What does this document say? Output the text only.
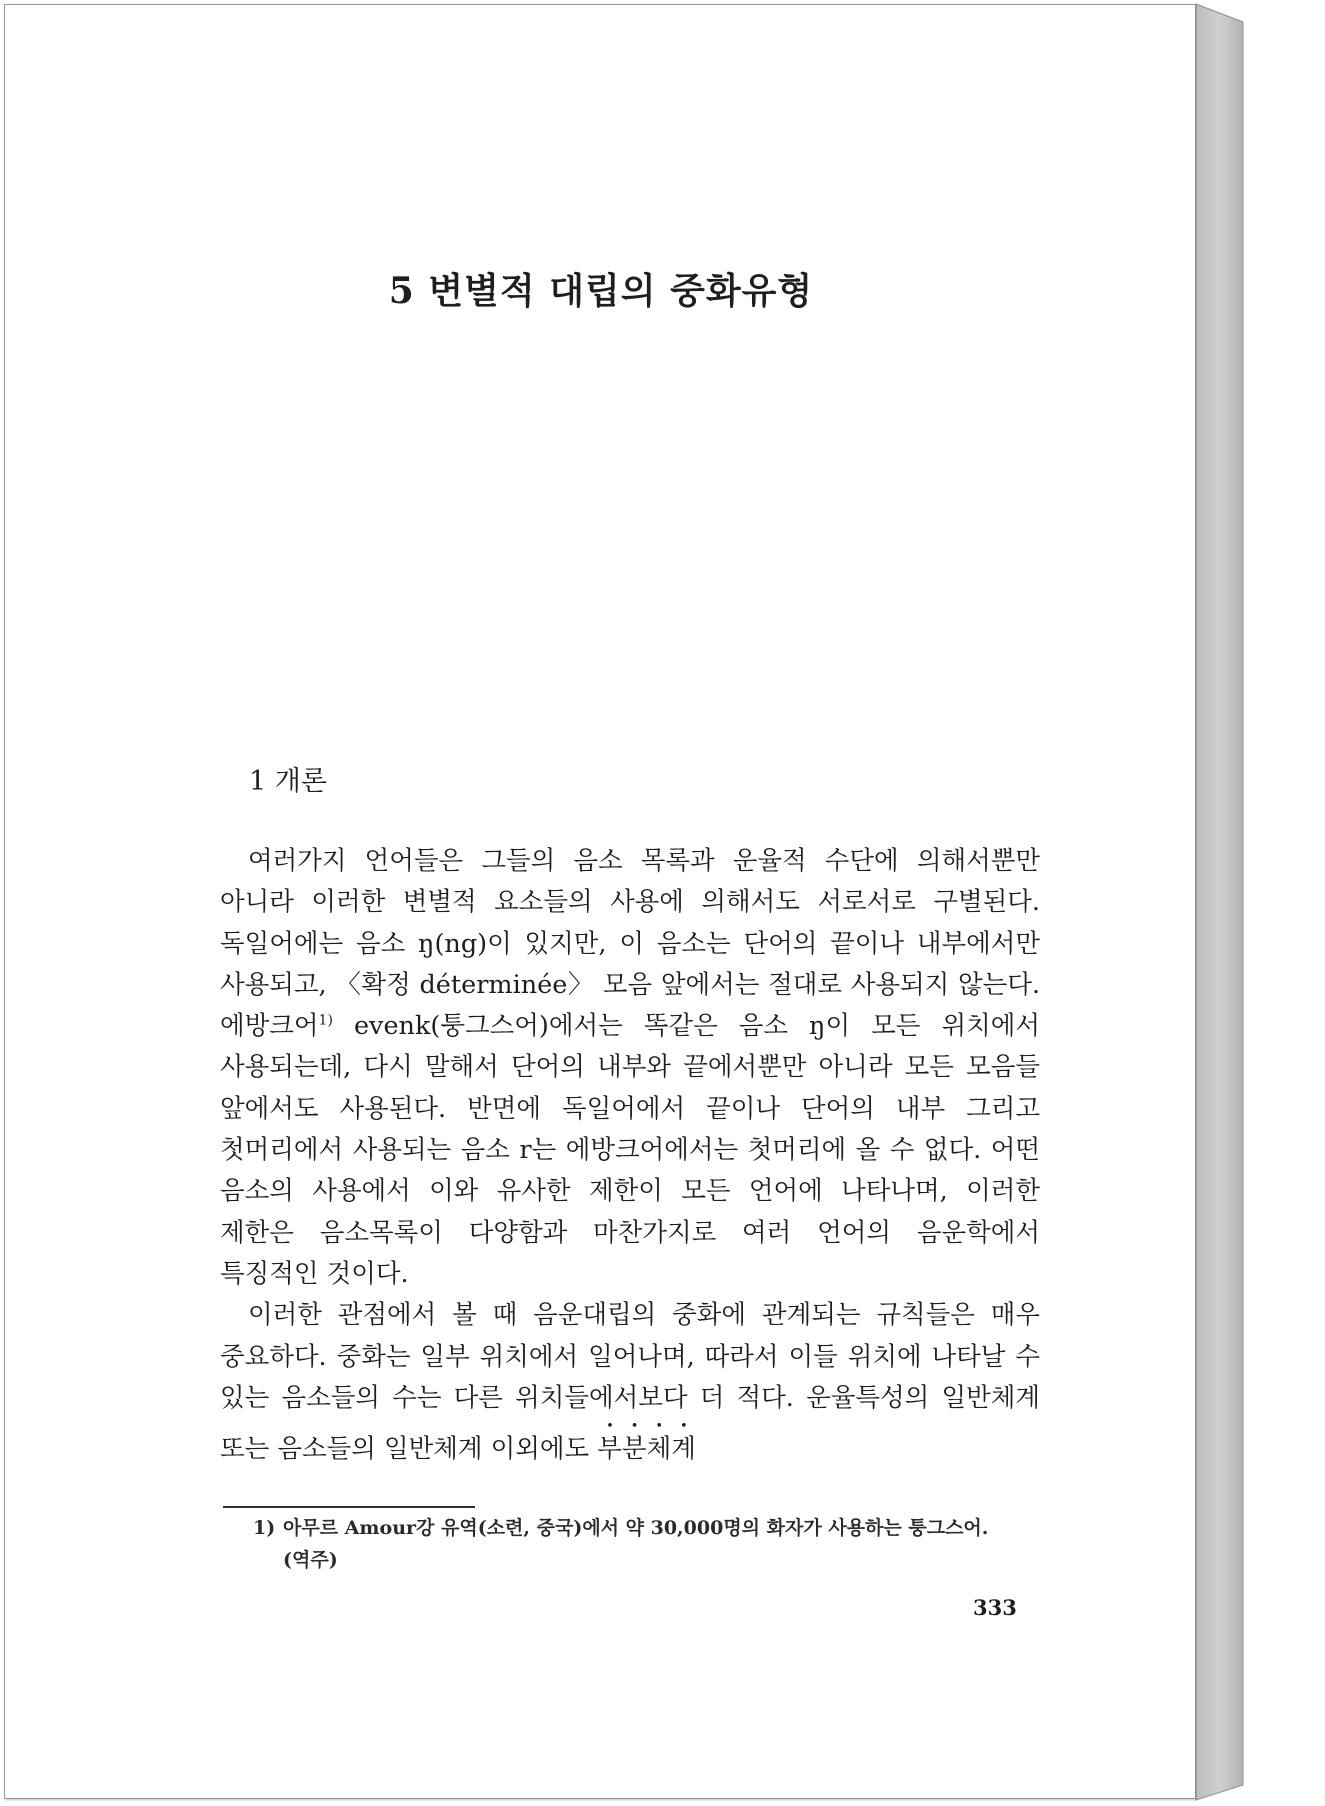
5 변별적 대립의 중화유형
1 개론

여러가지 언어들은 그들의 음소 목록과 운율적 수단에 의해서뿐만 아니라 이러한 변별적 요소들의 사용에 의해서도 서로서로 구별된다. 독일어에는 음소 ŋ(ng)이 있지만, 이 음소는 단어의 끝이나 내부에서만 사용되고, 〈확정 déterminée〉 모음 앞에서는 절대로 사용되지 않는다. 에방크어$^{1)}$ evenk(퉁그스어)에서는 똑같은 음소 ŋ이 모든 위치에서 사용되는데, 다시 말해서 단어의 내부와 끝에서뿐만 아니라 모든 모음들 앞에서도 사용된다. 반면에 독일어에서 끝이나 단어의 내부 그리고 첫머리에서 사용되는 음소 r는 에방크어에서는 첫머리에 올 수 없다. 어떤 음소의 사용에서 이와 유사한 제한이 모든 언어에 나타나며, 이러한 제한은 음소목록이 다양함과 마찬가지로 여러 언어의 음운학에서 특징적인 것이다.

이러한 관점에서 볼 때 음운대립의 중화에 관계되는 규칙들은 매우 중요하다. 중화는 일부 위치에서 일어나며, 따라서 이들 위치에 나타날 수 있는 음소들의 수는 다른 위치들에서보다 더 적다. 운율특성의 일반체계 또는 음소들의 일반체계 이외에도 부분체계

1) 아무르 Amour강 유역(소련, 중국)에서 약 30,000명의 화자가 사용하는 퉁그스어. (역주)
333
